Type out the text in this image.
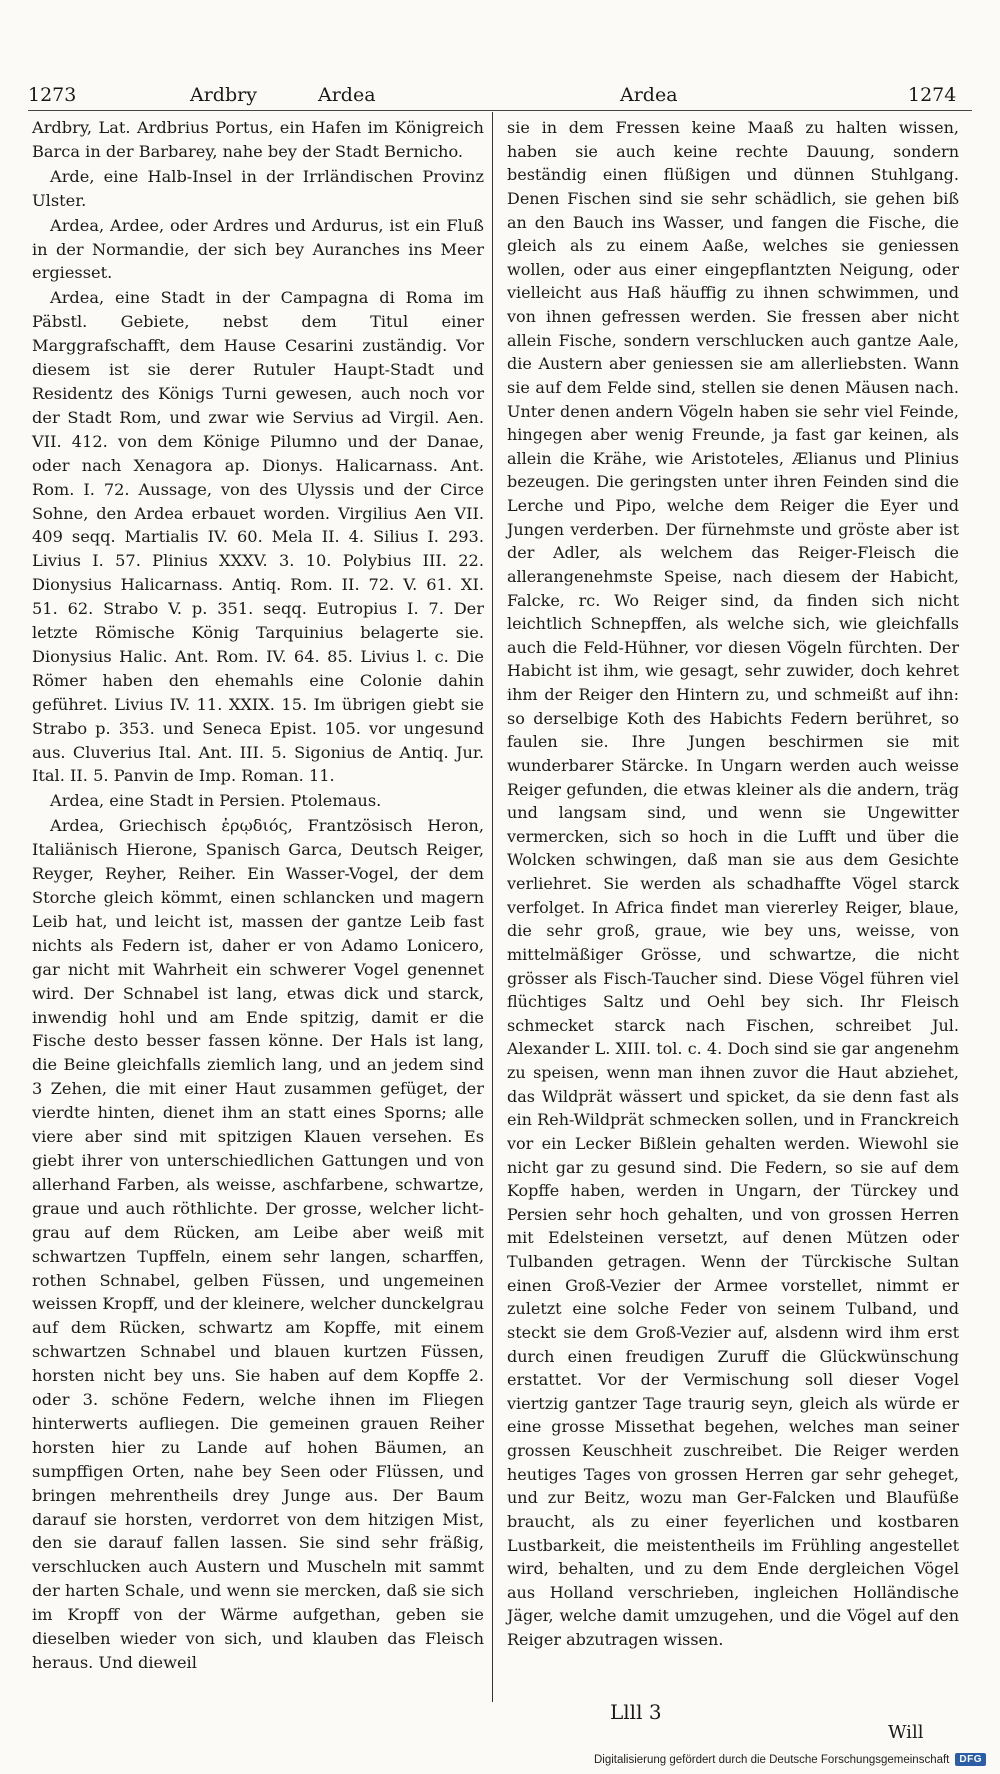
1273	Ardbry	Ardea	Ardea	1274

Ardbry, Lat. Ardbrius Portus, ein Hafen im Königreich Barca in der Barbarey, nahe bey der Stadt Bernicho.

Arde, eine Halb-Insel in der Irrländischen Provinz Ulster.

Ardea, Ardee, oder Ardres und Ardurus, ist ein Fluß in der Normandie, der sich bey Auranches ins Meer ergiesset.

Ardea, eine Stadt in der Campagna di Roma im Päbstl. Gebiete, nebst dem Titul einer Marggrafschafft, dem Hause Cesarini zuständig. Vor diesem ist sie derer Rutuler Haupt-Stadt und Residentz des Königs Turni gewesen, auch noch vor der Stadt Rom, und zwar wie Servius ad Virgil. Aen. VII. 412. von dem Könige Pilumno und der Danae, oder nach Xenagora ap. Dionys. Halicarnass. Ant. Rom. I. 72. Aussage, von des Ulyssis und der Circe Sohne, den Ardea erbauet worden. Virgilius Aen VII. 409 seqq. Martialis IV. 60. Mela II. 4. Silius I. 293. Livius I. 57. Plinius XXXV. 3. 10. Polybius III. 22. Dionysius Halicarnass. Antiq. Rom. II. 72. V. 61. XI. 51. 62. Strabo V. p. 351. seqq. Eutropius I. 7. Der letzte Römische König Tarquinius belagerte sie. Dionysius Halic. Ant. Rom. IV. 64. 85. Livius l. c. Die Römer haben den ehemahls eine Colonie dahin geführet. Livius IV. 11. XXIX. 15. Im übrigen giebt sie Strabo p. 353. und Seneca Epist. 105. vor ungesund aus. Cluverius Ital. Ant. III. 5. Sigonius de Antiq. Jur. Ital. II. 5. Panvin de Imp. Roman. 11.

Ardea, eine Stadt in Persien. Ptolemaus.

Ardea, Griechisch ἐρῳδιός, Frantzösisch Heron, Italiänisch Hierone, Spanisch Garca, Deutsch Reiger, Reyger, Reyher, Reiher. Ein Wasser-Vogel, der dem Storche gleich kömmt, einen schlancken und magern Leib hat, und leicht ist, massen der gantze Leib fast nichts als Federn ist, daher er von Adamo Lonicero, gar nicht mit Wahrheit ein schwerer Vogel genennet wird. Der Schnabel ist lang, etwas dick und starck, inwendig hohl und am Ende spitzig, damit er die Fische desto besser fassen könne. Der Hals ist lang, die Beine gleichfalls ziemlich lang, und an jedem sind 3 Zehen, die mit einer Haut zusammen gefüget, der vierdte hinten, dienet ihm an statt eines Sporns; alle viere aber sind mit spitzigen Klauen versehen. Es giebt ihrer von unterschiedlichen Gattungen und von allerhand Farben, als weisse, aschfarbene, schwartze, graue und auch röthlichte. Der grosse, welcher licht-grau auf dem Rücken, am Leibe aber weiß mit schwartzen Tupffeln, einem sehr langen, scharffen, rothen Schnabel, gelben Füssen, und ungemeinen weissen Kropff, und der kleinere, welcher dunckelgrau auf dem Rücken, schwartz am Kopffe, mit einem schwartzen Schnabel und blauen kurtzen Füssen, horsten nicht bey uns. Sie haben auf dem Kopffe 2. oder 3. schöne Federn, welche ihnen im Fliegen hinterwerts aufliegen. Die gemeinen grauen Reiher horsten hier zu Lande auf hohen Bäumen, an sumpffigen Orten, nahe bey Seen oder Flüssen, und bringen mehrentheils drey Junge aus. Der Baum darauf sie horsten, verdorret von dem hitzigen Mist, den sie darauf fallen lassen. Sie sind sehr fräßig, verschlucken auch Austern und Muscheln mit sammt der harten Schale, und wenn sie mercken, daß sie sich im Kropff von der Wärme aufgethan, geben sie dieselben wieder von sich, und klauben das Fleisch heraus. Und dieweil

sie in dem Fressen keine Maaß zu halten wissen, haben sie auch keine rechte Dauung, sondern beständig einen flüßigen und dünnen Stuhlgang. Denen Fischen sind sie sehr schädlich, sie gehen biß an den Bauch ins Wasser, und fangen die Fische, die gleich als zu einem Aaße, welches sie geniessen wollen, oder aus einer eingepflantzten Neigung, oder vielleicht aus Haß häuffig zu ihnen schwimmen, und von ihnen gefressen werden. Sie fressen aber nicht allein Fische, sondern verschlucken auch gantze Aale, die Austern aber geniessen sie am allerliebsten. Wann sie auf dem Felde sind, stellen sie denen Mäusen nach. Unter denen andern Vögeln haben sie sehr viel Feinde, hingegen aber wenig Freunde, ja fast gar keinen, als allein die Krähe, wie Aristoteles, Ælianus und Plinius bezeugen. Die geringsten unter ihren Feinden sind die Lerche und Pipo, welche dem Reiger die Eyer und Jungen verderben. Der fürnehmste und gröste aber ist der Adler, als welchem das Reiger-Fleisch die allerangenehmste Speise, nach diesem der Habicht, Falcke, rc. Wo Reiger sind, da finden sich nicht leichtlich Schnepffen, als welche sich, wie gleichfalls auch die Feld-Hühner, vor diesen Vögeln fürchten. Der Habicht ist ihm, wie gesagt, sehr zuwider, doch kehret ihm der Reiger den Hintern zu, und schmeißt auf ihn: so derselbige Koth des Habichts Federn berühret, so faulen sie. Ihre Jungen beschirmen sie mit wunderbarer Stärcke. In Ungarn werden auch weisse Reiger gefunden, die etwas kleiner als die andern, träg und langsam sind, und wenn sie Ungewitter vermercken, sich so hoch in die Lufft und über die Wolcken schwingen, daß man sie aus dem Gesichte verliehret. Sie werden als schadhaffte Vögel starck verfolget. In Africa findet man viererley Reiger, blaue, die sehr groß, graue, wie bey uns, weisse, von mittelmäßiger Grösse, und schwartze, die nicht grösser als Fisch-Taucher sind. Diese Vögel führen viel flüchtiges Saltz und Oehl bey sich. Ihr Fleisch schmecket starck nach Fischen, schreibet Jul. Alexander L. XIII. tol. c. 4. Doch sind sie gar angenehm zu speisen, wenn man ihnen zuvor die Haut abziehet, das Wildprät wässert und spicket, da sie denn fast als ein Reh-Wildprät schmecken sollen, und in Franckreich vor ein Lecker Bißlein gehalten werden. Wiewohl sie nicht gar zu gesund sind. Die Federn, so sie auf dem Kopffe haben, werden in Ungarn, der Türckey und Persien sehr hoch gehalten, und von grossen Herren mit Edelsteinen versetzt, auf denen Mützen oder Tulbanden getragen. Wenn der Türckische Sultan einen Groß-Vezier der Armee vorstellet, nimmt er zuletzt eine solche Feder von seinem Tulband, und steckt sie dem Groß-Vezier auf, alsdenn wird ihm erst durch einen freudigen Zuruff die Glückwünschung erstattet. Vor der Vermischung soll dieser Vogel viertzig gantzer Tage traurig seyn, gleich als würde er eine grosse Missethat begehen, welches man seiner grossen Keuschheit zuschreibet. Die Reiger werden heutiges Tages von grossen Herren gar sehr geheget, und zur Beitz, wozu man Ger-Falcken und Blaufüße braucht, als zu einer feyerlichen und kostbaren Lustbarkeit, die meistentheils im Frühling angestellet wird, behalten, und zu dem Ende dergleichen Vögel aus Holland verschrieben, ingleichen Holländische Jäger, welche damit umzugehen, und die Vögel auf den Reiger abzutragen wissen.

Llll 3
Will
Digitalisierung gefördert durch die Deutsche Forschungsgemeinschaft	DFG
